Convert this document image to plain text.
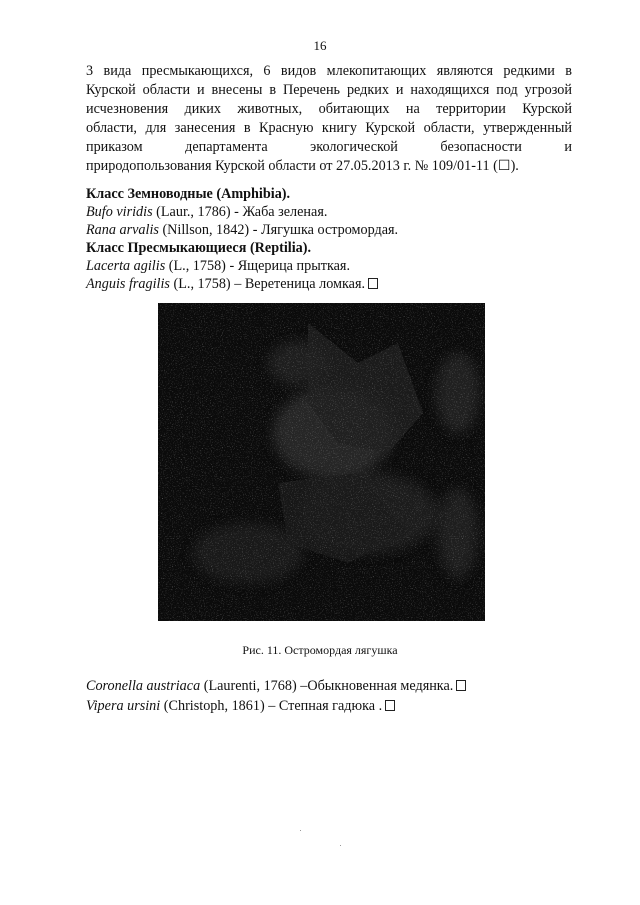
16
3 вида пресмыкающихся, 6 видов млекопитающих являются редкими в
Курской области и внесены в Перечень редких и находящихся под угрозой
исчезновения диких животных, обитающих на территории Курской
области, для занесения в Красную книгу Курской области, утвержденный
приказом департамента экологической безопасности и
природопользования Курской области от 27.05.2013 г. № 109/01-11 (☐).
Класс Земноводные (Amphibia).
Bufo viridis (Laur., 1786) - Жаба зеленая.
Rana arvalis (Nillson, 1842) - Лягушка остромордая.
Класс Пресмыкающиеся (Reptilia).
Lacerta agilis (L., 1758) - Ящерица прыткая.
Anguis fragilis (L., 1758) – Веретеница ломкая.
Рис. 11. Остромордая лягушка
Coronella austriaca (Laurenti, 1768) –Обыкновенная медянка.
Vipera ursini (Christoph, 1861) – Степная гадюка .
